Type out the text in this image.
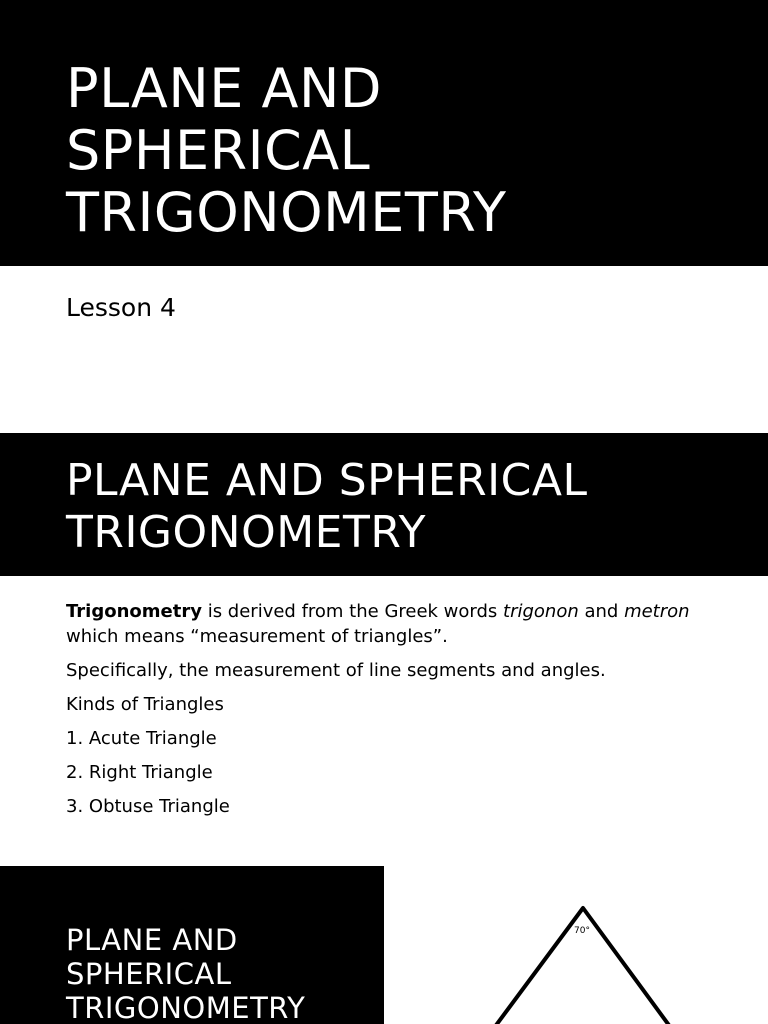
PLANE AND
SPHERICAL
TRIGONOMETRY
Lesson 4
PLANE AND SPHERICAL
TRIGONOMETRY

Trigonometry is derived from the Greek words trigonon and metron which means “measurement of triangles”.

Specifically, the measurement of line segments and angles.

Kinds of Triangles

1. Acute Triangle

2. Right Triangle

3. Obtuse Triangle

PLANE AND
SPHERICAL
TRIGONOMETRY
70°
